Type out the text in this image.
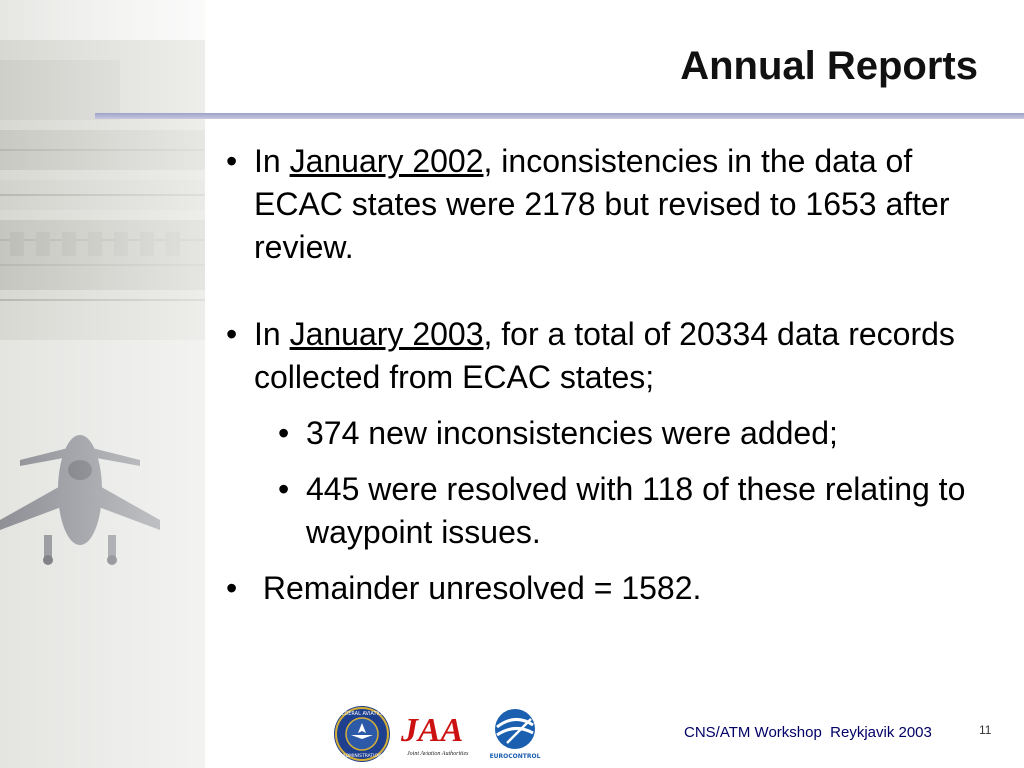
Annual Reports
• In January 2002, inconsistencies in the data of ECAC states were 2178 but revised to 1653 after review.
• In January 2003, for a total of 20334 data records collected from ECAC states;
• 374 new inconsistencies were added;
• 445 were resolved with 118 of these relating to waypoint issues.
• Remainder unresolved = 1582.
FEDERAL AVIATION
ADMINISTRATION
JAA
Joint Aviation Authorities	EUROCONTROL
CNS/ATM Workshop  Reykjavik 2003	11
